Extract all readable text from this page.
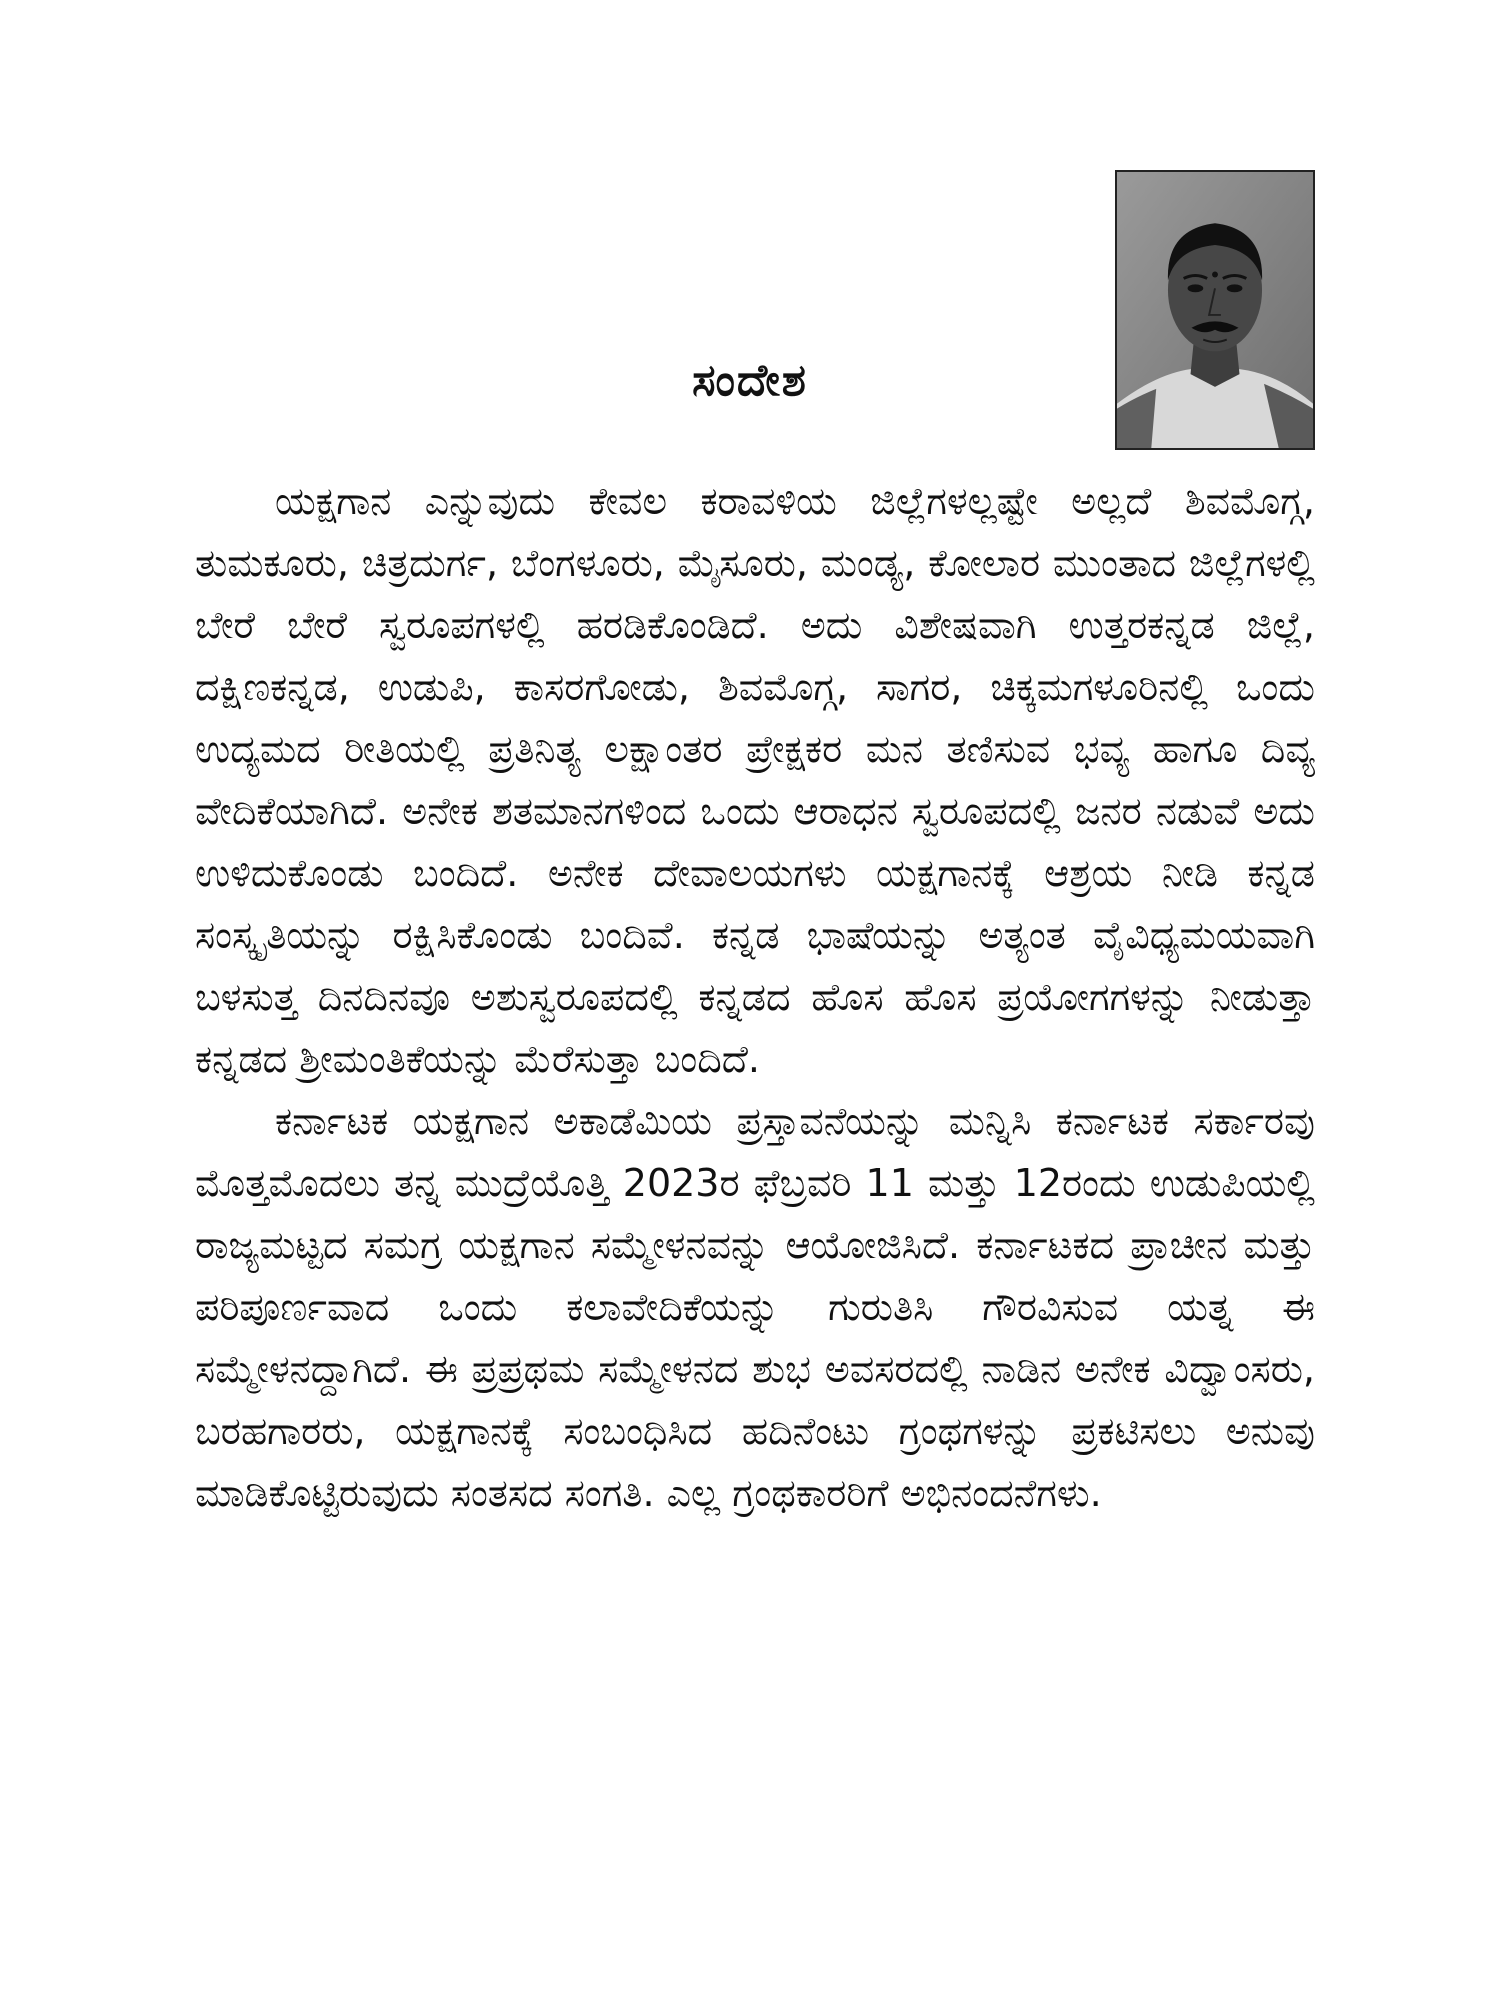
ಸಂದೇಶ

ಯಕ್ಷಗಾನ ಎನ್ನುವುದು ಕೇವಲ ಕರಾವಳಿಯ ಜಿಲ್ಲೆಗಳಲ್ಲಷ್ಟೇ ಅಲ್ಲದೆ ಶಿವಮೊಗ್ಗ, ತುಮಕೂರು, ಚಿತ್ರದುರ್ಗ, ಬೆಂಗಳೂರು, ಮೈಸೂರು, ಮಂಡ್ಯ, ಕೋಲಾರ ಮುಂತಾದ ಜಿಲ್ಲೆಗಳಲ್ಲಿ ಬೇರೆ ಬೇರೆ ಸ್ವರೂಪಗಳಲ್ಲಿ ಹರಡಿಕೊಂಡಿದೆ. ಅದು ವಿಶೇಷವಾಗಿ ಉತ್ತರಕನ್ನಡ ಜಿಲ್ಲೆ, ದಕ್ಷಿಣಕನ್ನಡ, ಉಡುಪಿ, ಕಾಸರಗೋಡು, ಶಿವಮೊಗ್ಗ, ಸಾಗರ, ಚಿಕ್ಕಮಗಳೂರಿನಲ್ಲಿ ಒಂದು ಉದ್ಯಮದ ರೀತಿಯಲ್ಲಿ ಪ್ರತಿನಿತ್ಯ ಲಕ್ಷಾಂತರ ಪ್ರೇಕ್ಷಕರ ಮನ ತಣಿಸುವ ಭವ್ಯ ಹಾಗೂ ದಿವ್ಯ ವೇದಿಕೆಯಾಗಿದೆ. ಅನೇಕ ಶತಮಾನಗಳಿಂದ ಒಂದು ಆರಾಧನ ಸ್ವರೂಪದಲ್ಲಿ ಜನರ ನಡುವೆ ಅದು ಉಳಿದುಕೊಂಡು ಬಂದಿದೆ. ಅನೇಕ ದೇವಾಲಯಗಳು ಯಕ್ಷಗಾನಕ್ಕೆ ಆಶ್ರಯ ನೀಡಿ ಕನ್ನಡ ಸಂಸ್ಕೃತಿಯನ್ನು ರಕ್ಷಿಸಿಕೊಂಡು ಬಂದಿವೆ. ಕನ್ನಡ ಭಾಷೆಯನ್ನು ಅತ್ಯಂತ ವೈವಿಧ್ಯಮಯವಾಗಿ ಬಳಸುತ್ತ ದಿನದಿನವೂ ಅಶುಸ್ವರೂಪದಲ್ಲಿ ಕನ್ನಡದ ಹೊಸ ಹೊಸ ಪ್ರಯೋಗಗಳನ್ನು ನೀಡುತ್ತಾ ಕನ್ನಡದ ಶ್ರೀಮಂತಿಕೆಯನ್ನು ಮೆರೆಸುತ್ತಾ ಬಂದಿದೆ.

ಕರ್ನಾಟಕ ಯಕ್ಷಗಾನ ಅಕಾಡೆಮಿಯ ಪ್ರಸ್ತಾವನೆಯನ್ನು ಮನ್ನಿಸಿ ಕರ್ನಾಟಕ ಸರ್ಕಾರವು ಮೊತ್ತಮೊದಲು ತನ್ನ ಮುದ್ರೆಯೊತ್ತಿ 2023ರ ಫೆಬ್ರವರಿ 11 ಮತ್ತು 12ರಂದು ಉಡುಪಿಯಲ್ಲಿ ರಾಜ್ಯಮಟ್ಟದ ಸಮಗ್ರ ಯಕ್ಷಗಾನ ಸಮ್ಮೇಳನವನ್ನು ಆಯೋಜಿಸಿದೆ. ಕರ್ನಾಟಕದ ಪ್ರಾಚೀನ ಮತ್ತು ಪರಿಪೂರ್ಣವಾದ ಒಂದು ಕಲಾವೇದಿಕೆಯನ್ನು ಗುರುತಿಸಿ ಗೌರವಿಸುವ ಯತ್ನ ಈ ಸಮ್ಮೇಳನದ್ದಾಗಿದೆ. ಈ ಪ್ರಪ್ರಥಮ ಸಮ್ಮೇಳನದ ಶುಭ ಅವಸರದಲ್ಲಿ ನಾಡಿನ ಅನೇಕ ವಿದ್ವಾಂಸರು, ಬರಹಗಾರರು, ಯಕ್ಷಗಾನಕ್ಕೆ ಸಂಬಂಧಿಸಿದ ಹದಿನೆಂಟು ಗ್ರಂಥಗಳನ್ನು ಪ್ರಕಟಿಸಲು ಅನುವು ಮಾಡಿಕೊಟ್ಟಿರುವುದು ಸಂತಸದ ಸಂಗತಿ. ಎಲ್ಲ ಗ್ರಂಥಕಾರರಿಗೆ ಅಭಿನಂದನೆಗಳು.
